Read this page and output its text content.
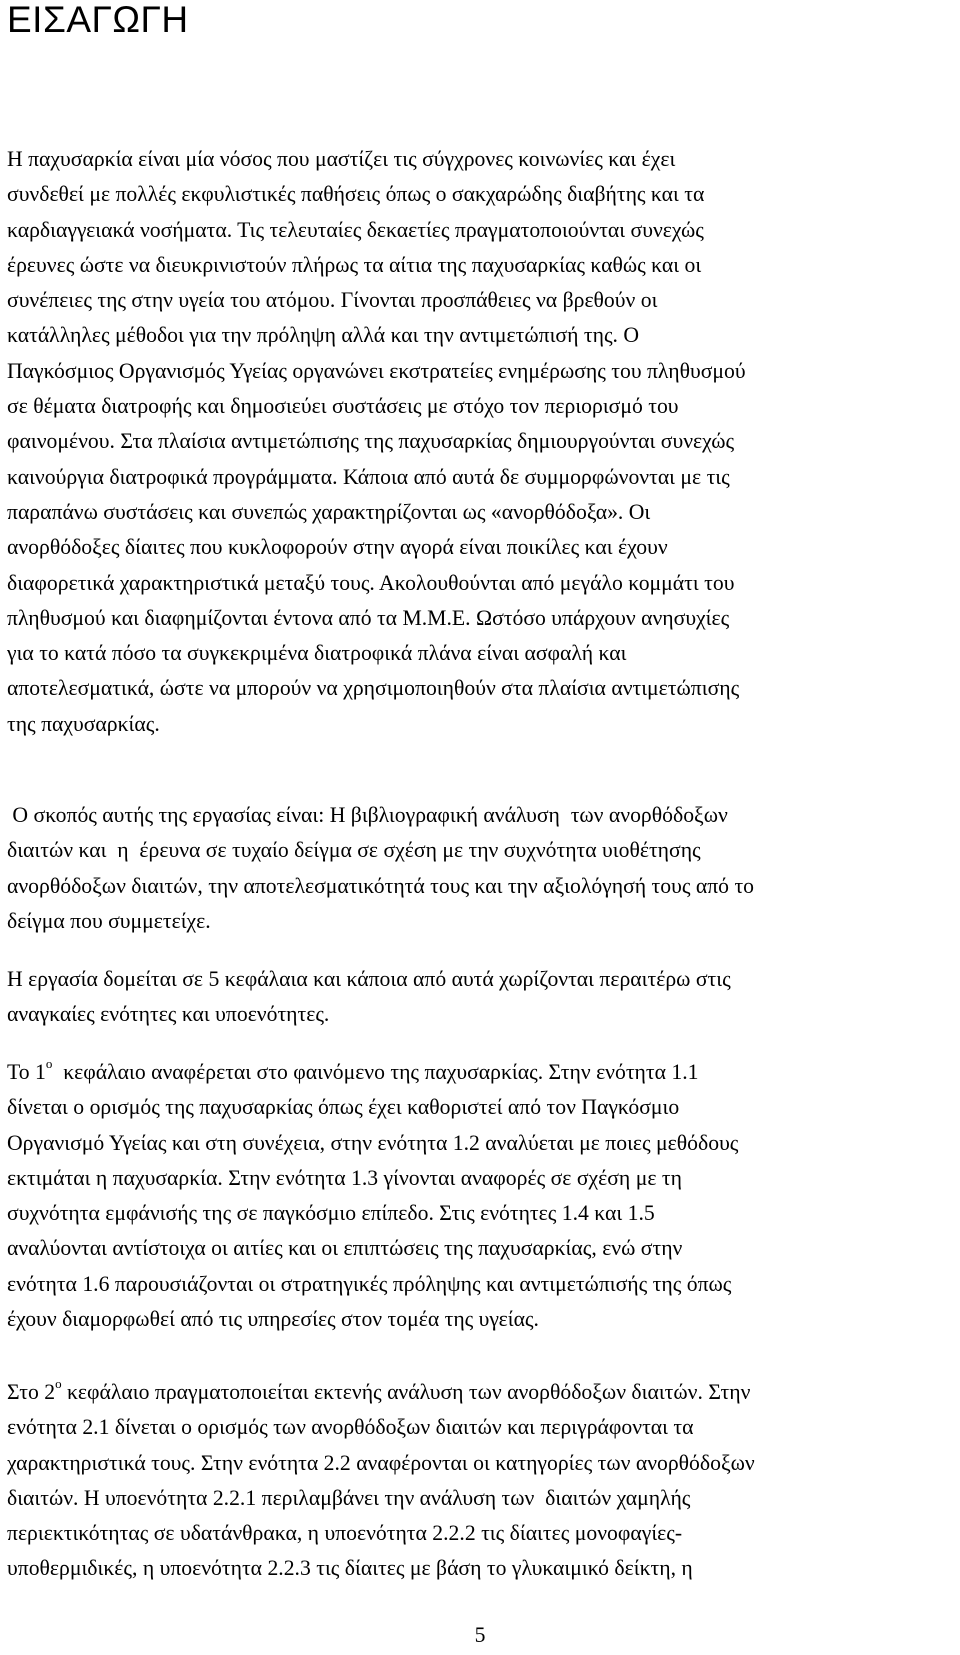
ΕΙΣΑΓΩΓΗ
Η παχυσαρκία είναι μία νόσος που μαστίζει τις σύγχρονες κοινωνίες και έχει
συνδεθεί με πολλές εκφυλιστικές παθήσεις όπως ο σακχαρώδης διαβήτης και τα
καρδιαγγειακά νοσήματα. Τις τελευταίες δεκαετίες πραγματοποιούνται συνεχώς
έρευνες ώστε να διευκρινιστούν πλήρως τα αίτια της παχυσαρκίας καθώς και οι
συνέπειες της στην υγεία του ατόμου. Γίνονται προσπάθειες να βρεθούν οι
κατάλληλες μέθοδοι για την πρόληψη αλλά και την αντιμετώπισή της. Ο
Παγκόσμιος Οργανισμός Υγείας οργανώνει εκστρατείες ενημέρωσης του πληθυσμού
σε θέματα διατροφής και δημοσιεύει συστάσεις με στόχο τον περιορισμό του
φαινομένου. Στα πλαίσια αντιμετώπισης της παχυσαρκίας δημιουργούνται συνεχώς
καινούργια διατροφικά προγράμματα. Κάποια από αυτά δε συμμορφώνονται με τις
παραπάνω συστάσεις και συνεπώς χαρακτηρίζονται ως «ανορθόδοξα». Οι
ανορθόδοξες δίαιτες που κυκλοφορούν στην αγορά είναι ποικίλες και έχουν
διαφορετικά χαρακτηριστικά μεταξύ τους. Ακολουθούνται από μεγάλο κομμάτι του
πληθυσμού και διαφημίζονται έντονα από τα Μ.Μ.Ε. Ωστόσο υπάρχουν ανησυχίες
για το κατά πόσο τα συγκεκριμένα διατροφικά πλάνα είναι ασφαλή και
αποτελεσματικά, ώστε να μπορούν να χρησιμοποιηθούν στα πλαίσια αντιμετώπισης
της παχυσαρκίας.
Ο σκοπός αυτής της εργασίας είναι: Η βιβλιογραφική ανάλυση  των ανορθόδοξων
διαιτών και  η  έρευνα σε τυχαίο δείγμα σε σχέση με την συχνότητα υιοθέτησης
ανορθόδοξων διαιτών, την αποτελεσματικότητά τους και την αξιολόγησή τους από το
δείγμα που συμμετείχε.
Η εργασία δομείται σε 5 κεφάλαια και κάποια από αυτά χωρίζονται περαιτέρω στις
αναγκαίες ενότητες και υποενότητες.
Το $1^o$  κεφάλαιο αναφέρεται στο φαινόμενο της παχυσαρκίας. Στην ενότητα 1.1
δίνεται ο ορισμός της παχυσαρκίας όπως έχει καθοριστεί από τον Παγκόσμιο
Οργανισμό Υγείας και στη συνέχεια, στην ενότητα 1.2 αναλύεται με ποιες μεθόδους
εκτιμάται η παχυσαρκία. Στην ενότητα 1.3 γίνονται αναφορές σε σχέση με τη
συχνότητα εμφάνισής της σε παγκόσμιο επίπεδο. Στις ενότητες 1.4 και 1.5
αναλύονται αντίστοιχα οι αιτίες και οι επιπτώσεις της παχυσαρκίας, ενώ στην
ενότητα 1.6 παρουσιάζονται οι στρατηγικές πρόληψης και αντιμετώπισής της όπως
έχουν διαμορφωθεί από τις υπηρεσίες στον τομέα της υγείας.
Στο $2^o$ κεφάλαιο πραγματοποιείται εκτενής ανάλυση των ανορθόδοξων διαιτών. Στην
ενότητα 2.1 δίνεται ο ορισμός των ανορθόδοξων διαιτών και περιγράφονται τα
χαρακτηριστικά τους. Στην ενότητα 2.2 αναφέρονται οι κατηγορίες των ανορθόδοξων
διαιτών. Η υποενότητα 2.2.1 περιλαμβάνει την ανάλυση των  διαιτών χαμηλής
περιεκτικότητας σε υδατάνθρακα, η υποενότητα 2.2.2 τις δίαιτες μονοφαγίες-
υποθερμιδικές, η υποενότητα 2.2.3 τις δίαιτες με βάση το γλυκαιμικό δείκτη, η
5
